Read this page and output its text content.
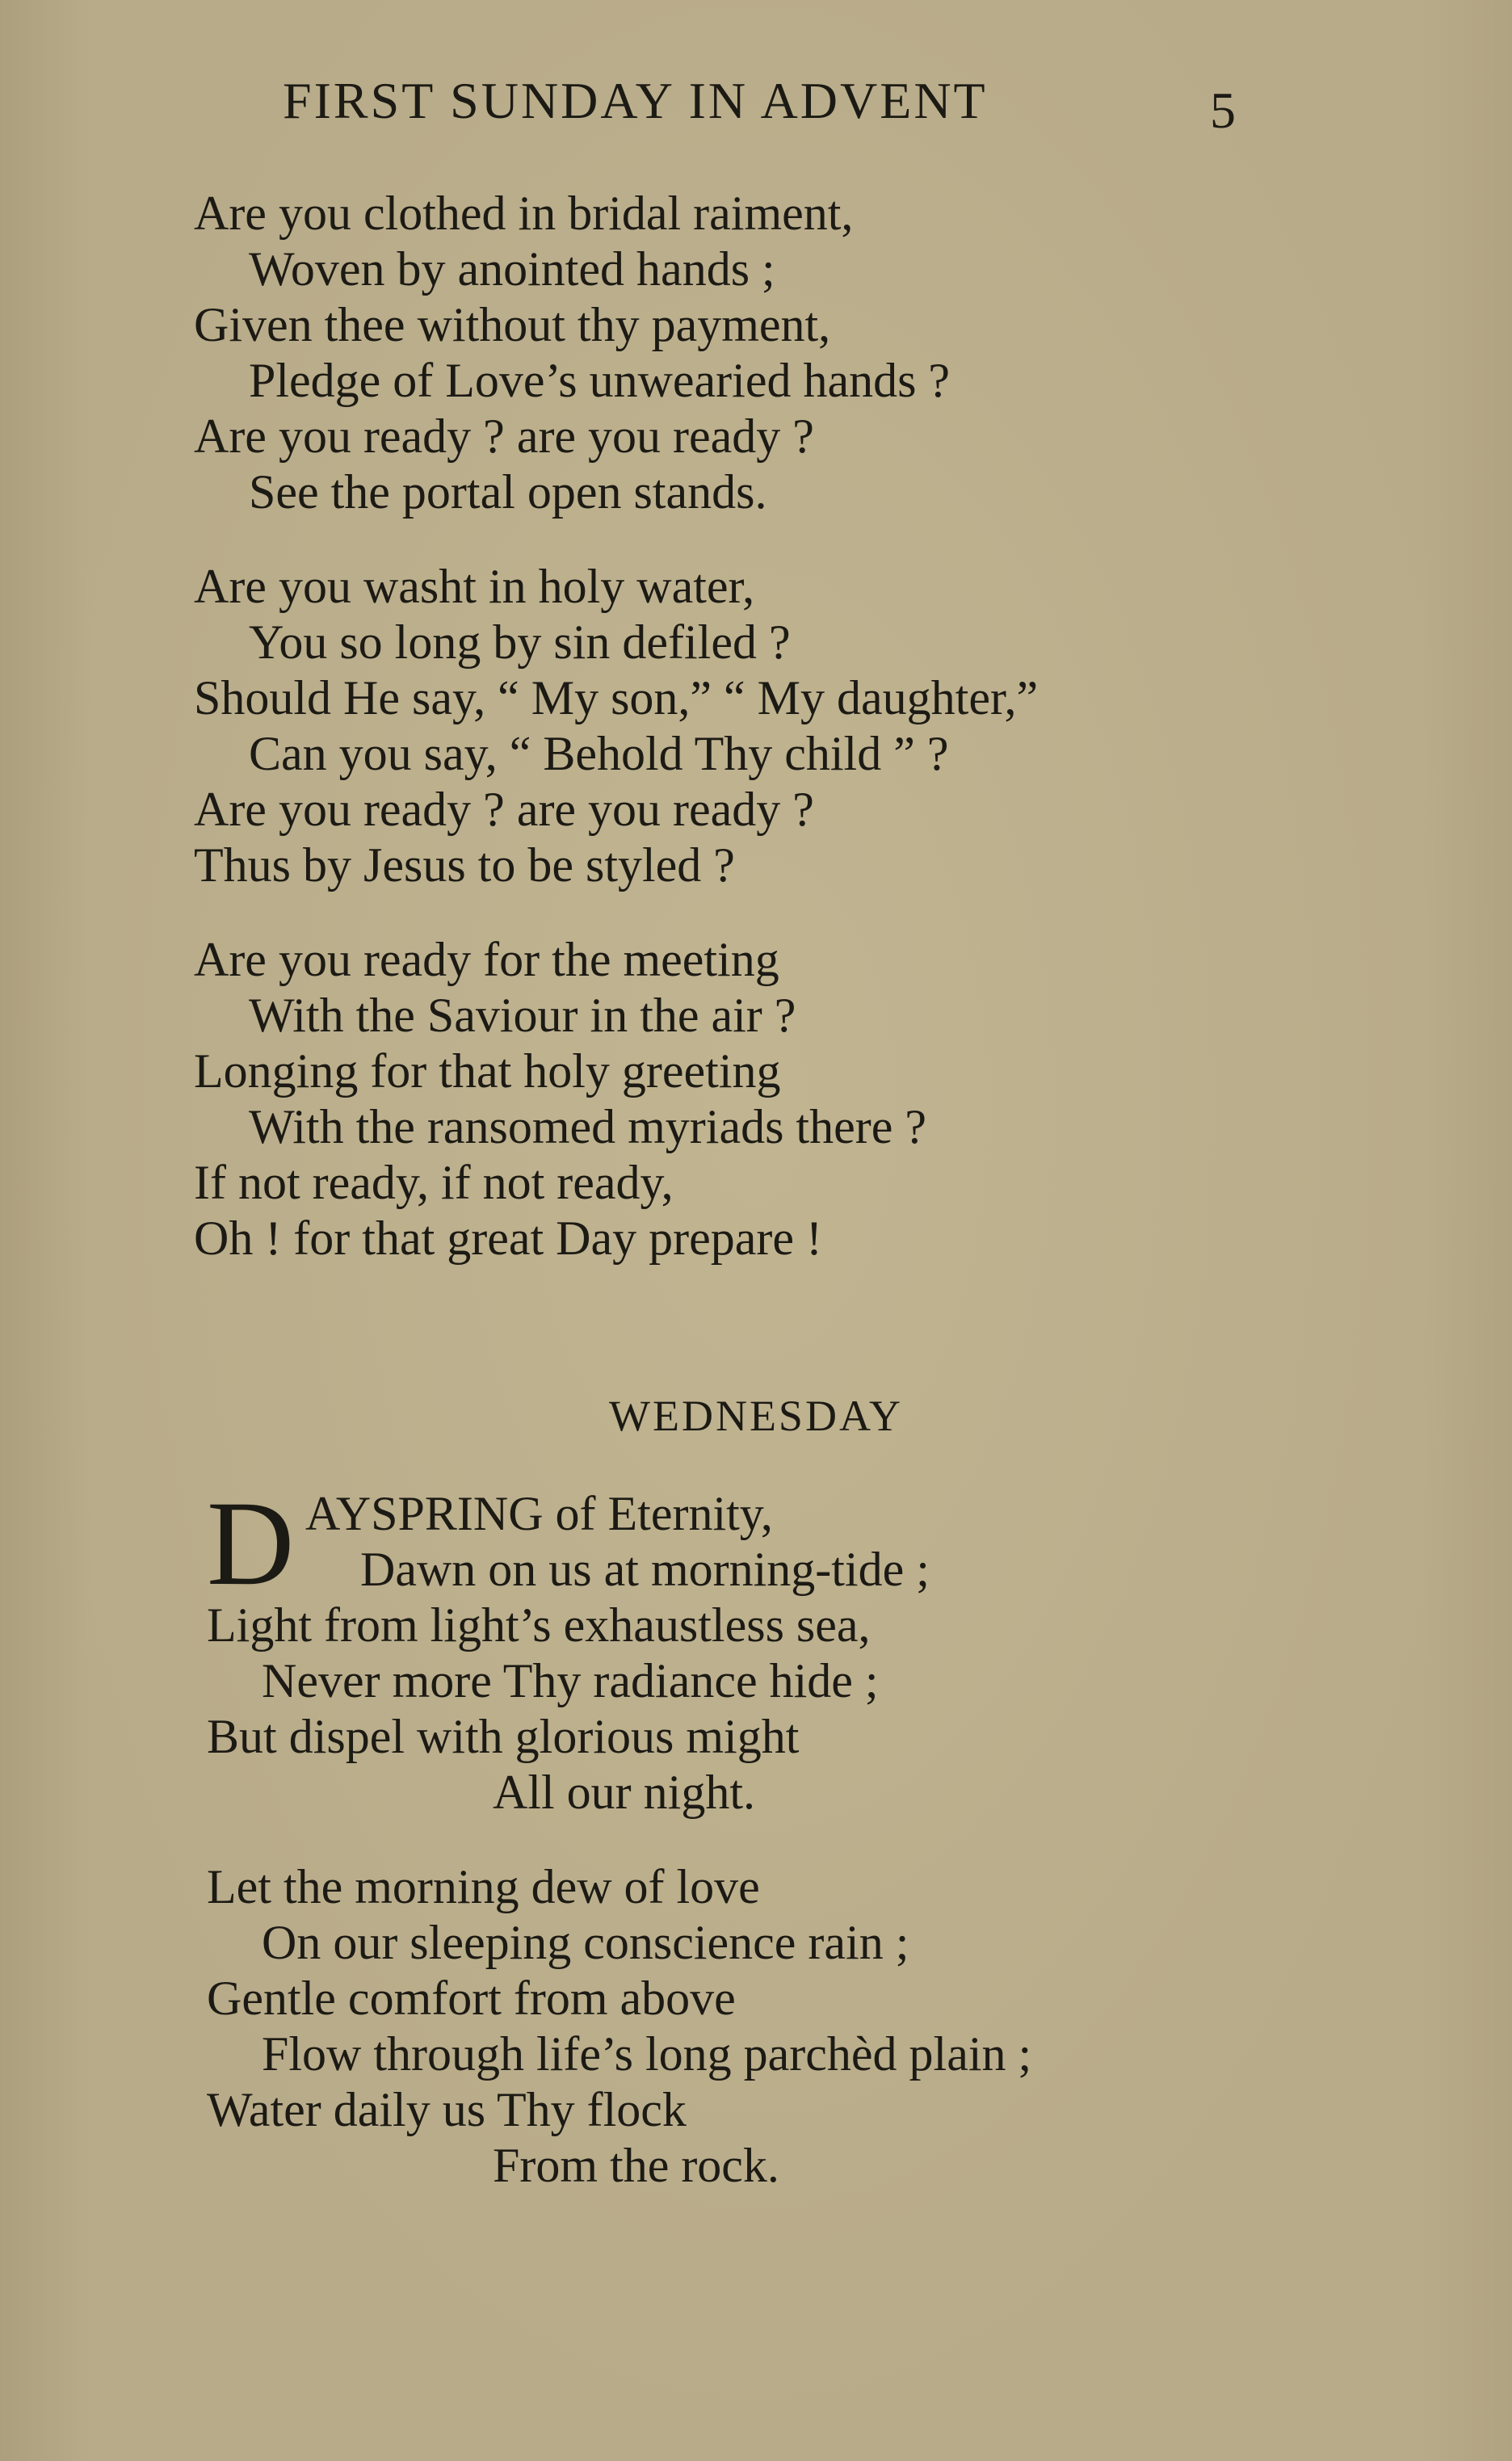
FIRST SUNDAY IN ADVENT	5
Are you clothed in bridal raiment,
Woven by anointed hands ;
Given thee without thy payment,
Pledge of Love’s unwearied hands ?
Are you ready ? are you ready ?
See the portal open stands.
Are you washt in holy water,
You so long by sin defiled ?
Should He say, “ My son,” “ My daughter,”
Can you say, “ Behold Thy child ” ?
Are you ready ? are you ready ?
Thus by Jesus to be styled ?
Are you ready for the meeting
With the Saviour in the air ?
Longing for that holy greeting
With the ransomed myriads there ?
If not ready, if not ready,
Oh ! for that great Day prepare !
WEDNESDAY
D AYSPRING of Eternity,
Dawn on us at morning-tide ;
Light from light’s exhaustless sea,
Never more Thy radiance hide ;
But dispel with glorious might
All our night.
Let the morning dew of love
On our sleeping conscience rain ;
Gentle comfort from above
Flow through life’s long parchèd plain ;
Water daily us Thy flock
From the rock.
